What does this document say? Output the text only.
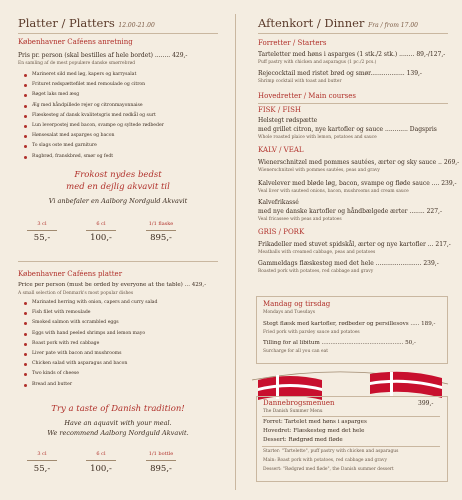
Platter / Platters 12.00-21.00
Københavner Caféens anretning
Pris pr. person (skal bestilles af hele bordet) ........ 429,-
En samling af de mest populære danske smørrebrød
Marineret sild med løg, kapers og karrysalat
Frituret rødspættefilet med remoulade og citron
Røget laks med æsg
Æg med håndpillede rejer og citronmayonnaise
Flæskesteg af dansk kvalitetsgris med rødkål og surt
Lun leverpostej med bacon, svampe og syltede rødbeder
Hønsesalat med asparges og bacon
To slags oste med garniture
Rugbrød, franskbrød, smør og fedt
Frokost nydes bedst
med en dejlig akvavit til
Vi anbefaler en Aalborg Nordguld Akvavit
3 cl	6 cl	1/1 flaske
55,-	100,-	895,-
Københavner Caféens platter
Price per person (must be orded by everyone at the table) ... 429,-
A small selection of Denmark's most popular dishes
Marinated herring with onion, capers and curry salad
Fish filet with remoulade
Smoked salmon with scrambled eggs
Eggs with hand peeled shrimps and lemon mayo
Roast pork with red cabbage
Liver pate with bacon and mushrooms
Chicken salad with asparagus and bacon
Two kinds of cheese
Bread and butter
Try a taste of Danish tradition!
Have an aquavit with your meal.
We recommend Aalborg Nordguld Akvavit.
3 cl	6 cl	1/1 bottle
55,-	100,-	895,-
Aftenkort / Dinner Fra / from 17.00
Forretter / Starters
Tarteletter med høns i asparges (1 stk./2 stk.) ........ 89,-/127,-
Puff pastry with chicken and asparagus (1 pc./2 pcs.)
Rejecocktail med ristet brød og smør.................. 139,-
Shrimp cocktail with toast and butter
Hovedretter / Main courses
FISK / FISH
Helstegt rødspætte
med grillet citron, nye kartofler og sauce ............ Dagspris
Whole roasted plaice with lemon, potatoes and sauce
KALV / VEAL
Wienerschnitzel med pommes sautées, ærter og sky sauce .. 269,-
Wienerschnitzel with pommes sautées, peas and gravy
Kalvelever med bløde løg, bacon, svampe og fløde sauce .... 239,-
Veal liver with sauteed onions, bacon, mushrooms and cream sauce
Kalvefrikassé
med nye danske kartofler og håndbælgede ærter ........ 227,-
Veal fricassee with peas and potatoes
GRIS / PORK
Frikadeller med stuvet spidskål, ærter og nye kartofler ... 217,-
Meatballs with creamed cabbage, peas and potatoes
Gammeldags flæskesteg med det hele ........................ 239,-
Roasted pork with potatoes, red cabbage and gravy
Mandag og tirsdag
Mondays and Tuesdays
Stegt flæsk med kartofler, rødbeder og persillesovs ..... 189,-
Fried pork with parsley sauce and potatoes
Tilling for al libitum .............................................. 50,-
Surcharge for all you can eat
Dannebrogsmenuen	399,-
The Danish Summer Menu
Forret: Tartelet med høns i asparges
Hovedret: Flæskesteg med det hele
Dessert: Rødgrød med fløde
Starter: "Tartelette", puff pastry with chicken and asparagus
Main: Roast pork with potatoes, red cabbage and gravy
Dessert: "Rødgrød med fløde", the Danish summer dessert
